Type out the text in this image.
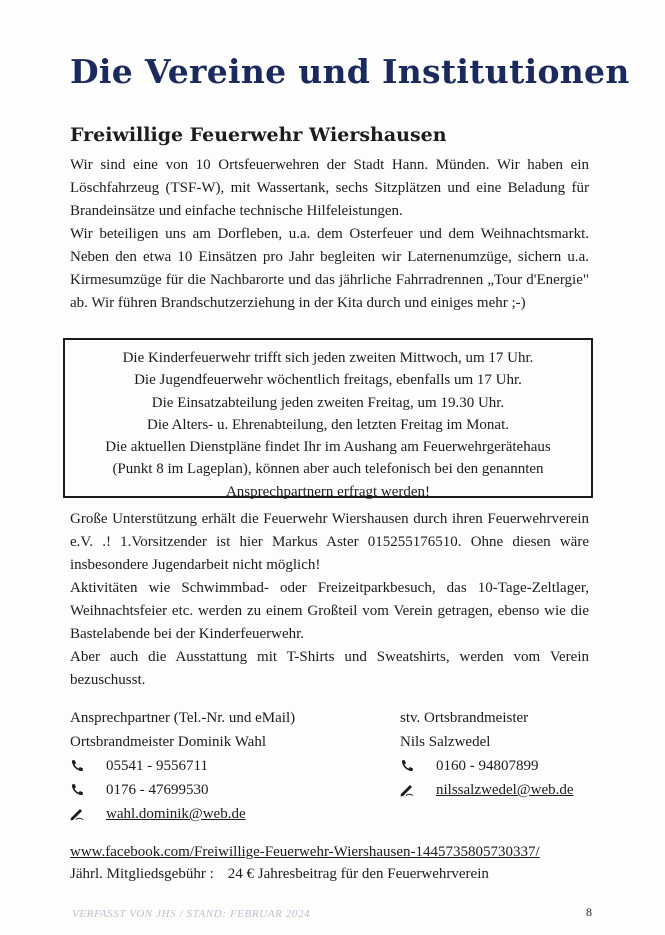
Die Vereine und Institutionen
Freiwillige Feuerwehr Wiershausen

Wir sind eine von 10 Ortsfeuerwehren der Stadt Hann. Münden. Wir haben ein Löschfahrzeug (TSF-W), mit Wassertank, sechs Sitzplätzen und eine Beladung für Brandeinsätze und einfache technische Hilfeleistungen.

Wir beteiligen uns am Dorfleben, u.a. dem Osterfeuer und dem Weihnachtsmarkt. Neben den etwa 10 Einsätzen pro Jahr begleiten wir Laternenumzüge, sichern u.a. Kirmesumzüge für die Nachbarorte und das jährliche Fahrradrennen „Tour d'Energie" ab. Wir führen Brandschutzerziehung in der Kita durch und einiges mehr ;-)

Die Kinderfeuerwehr trifft sich jeden zweiten Mittwoch, um 17 Uhr.
Die Jugendfeuerwehr wöchentlich freitags, ebenfalls um 17 Uhr.
Die Einsatzabteilung jeden zweiten Freitag, um 19.30 Uhr.
Die Alters- u. Ehrenabteilung, den letzten Freitag im Monat.
Die aktuellen Dienstpläne findet Ihr im Aushang am Feuerwehrgerätehaus
(Punkt 8 im Lageplan), können aber auch telefonisch bei den genannten
Ansprechpartnern erfragt werden!

Große Unterstützung erhält die Feuerwehr Wiershausen durch ihren Feuerwehrverein e.V. .! 1.Vorsitzender ist hier Markus Aster 015255176510. Ohne diesen wäre insbesondere Jugendarbeit nicht möglich!

Aktivitäten wie Schwimmbad- oder Freizeitparkbesuch, das 10-Tage-Zeltlager, Weihnachtsfeier etc. werden zu einem Großteil vom Verein getragen, ebenso wie die Bastelabende bei der Kinderfeuerwehr.

Aber auch die Ausstattung mit T-Shirts und Sweatshirts, werden vom Verein bezuschusst.

Ansprechpartner (Tel.-Nr. und eMail)
Ortsbrandmeister Dominik Wahl
05541 - 9556711
0176 - 47699530
wahl.dominik@web.de
stv. Ortsbrandmeister
Nils Salzwedel
0160 - 94807899
nilssalzwedel@web.de
www.facebook.com/Freiwillige-Feuerwehr-Wiershausen-1445735805730337/
Jährl. Mitgliedsgebühr : 24 € Jahresbeitrag für den Feuerwehrverein
VERFASST VON JHS / STAND: FEBRUAR 2024	8
